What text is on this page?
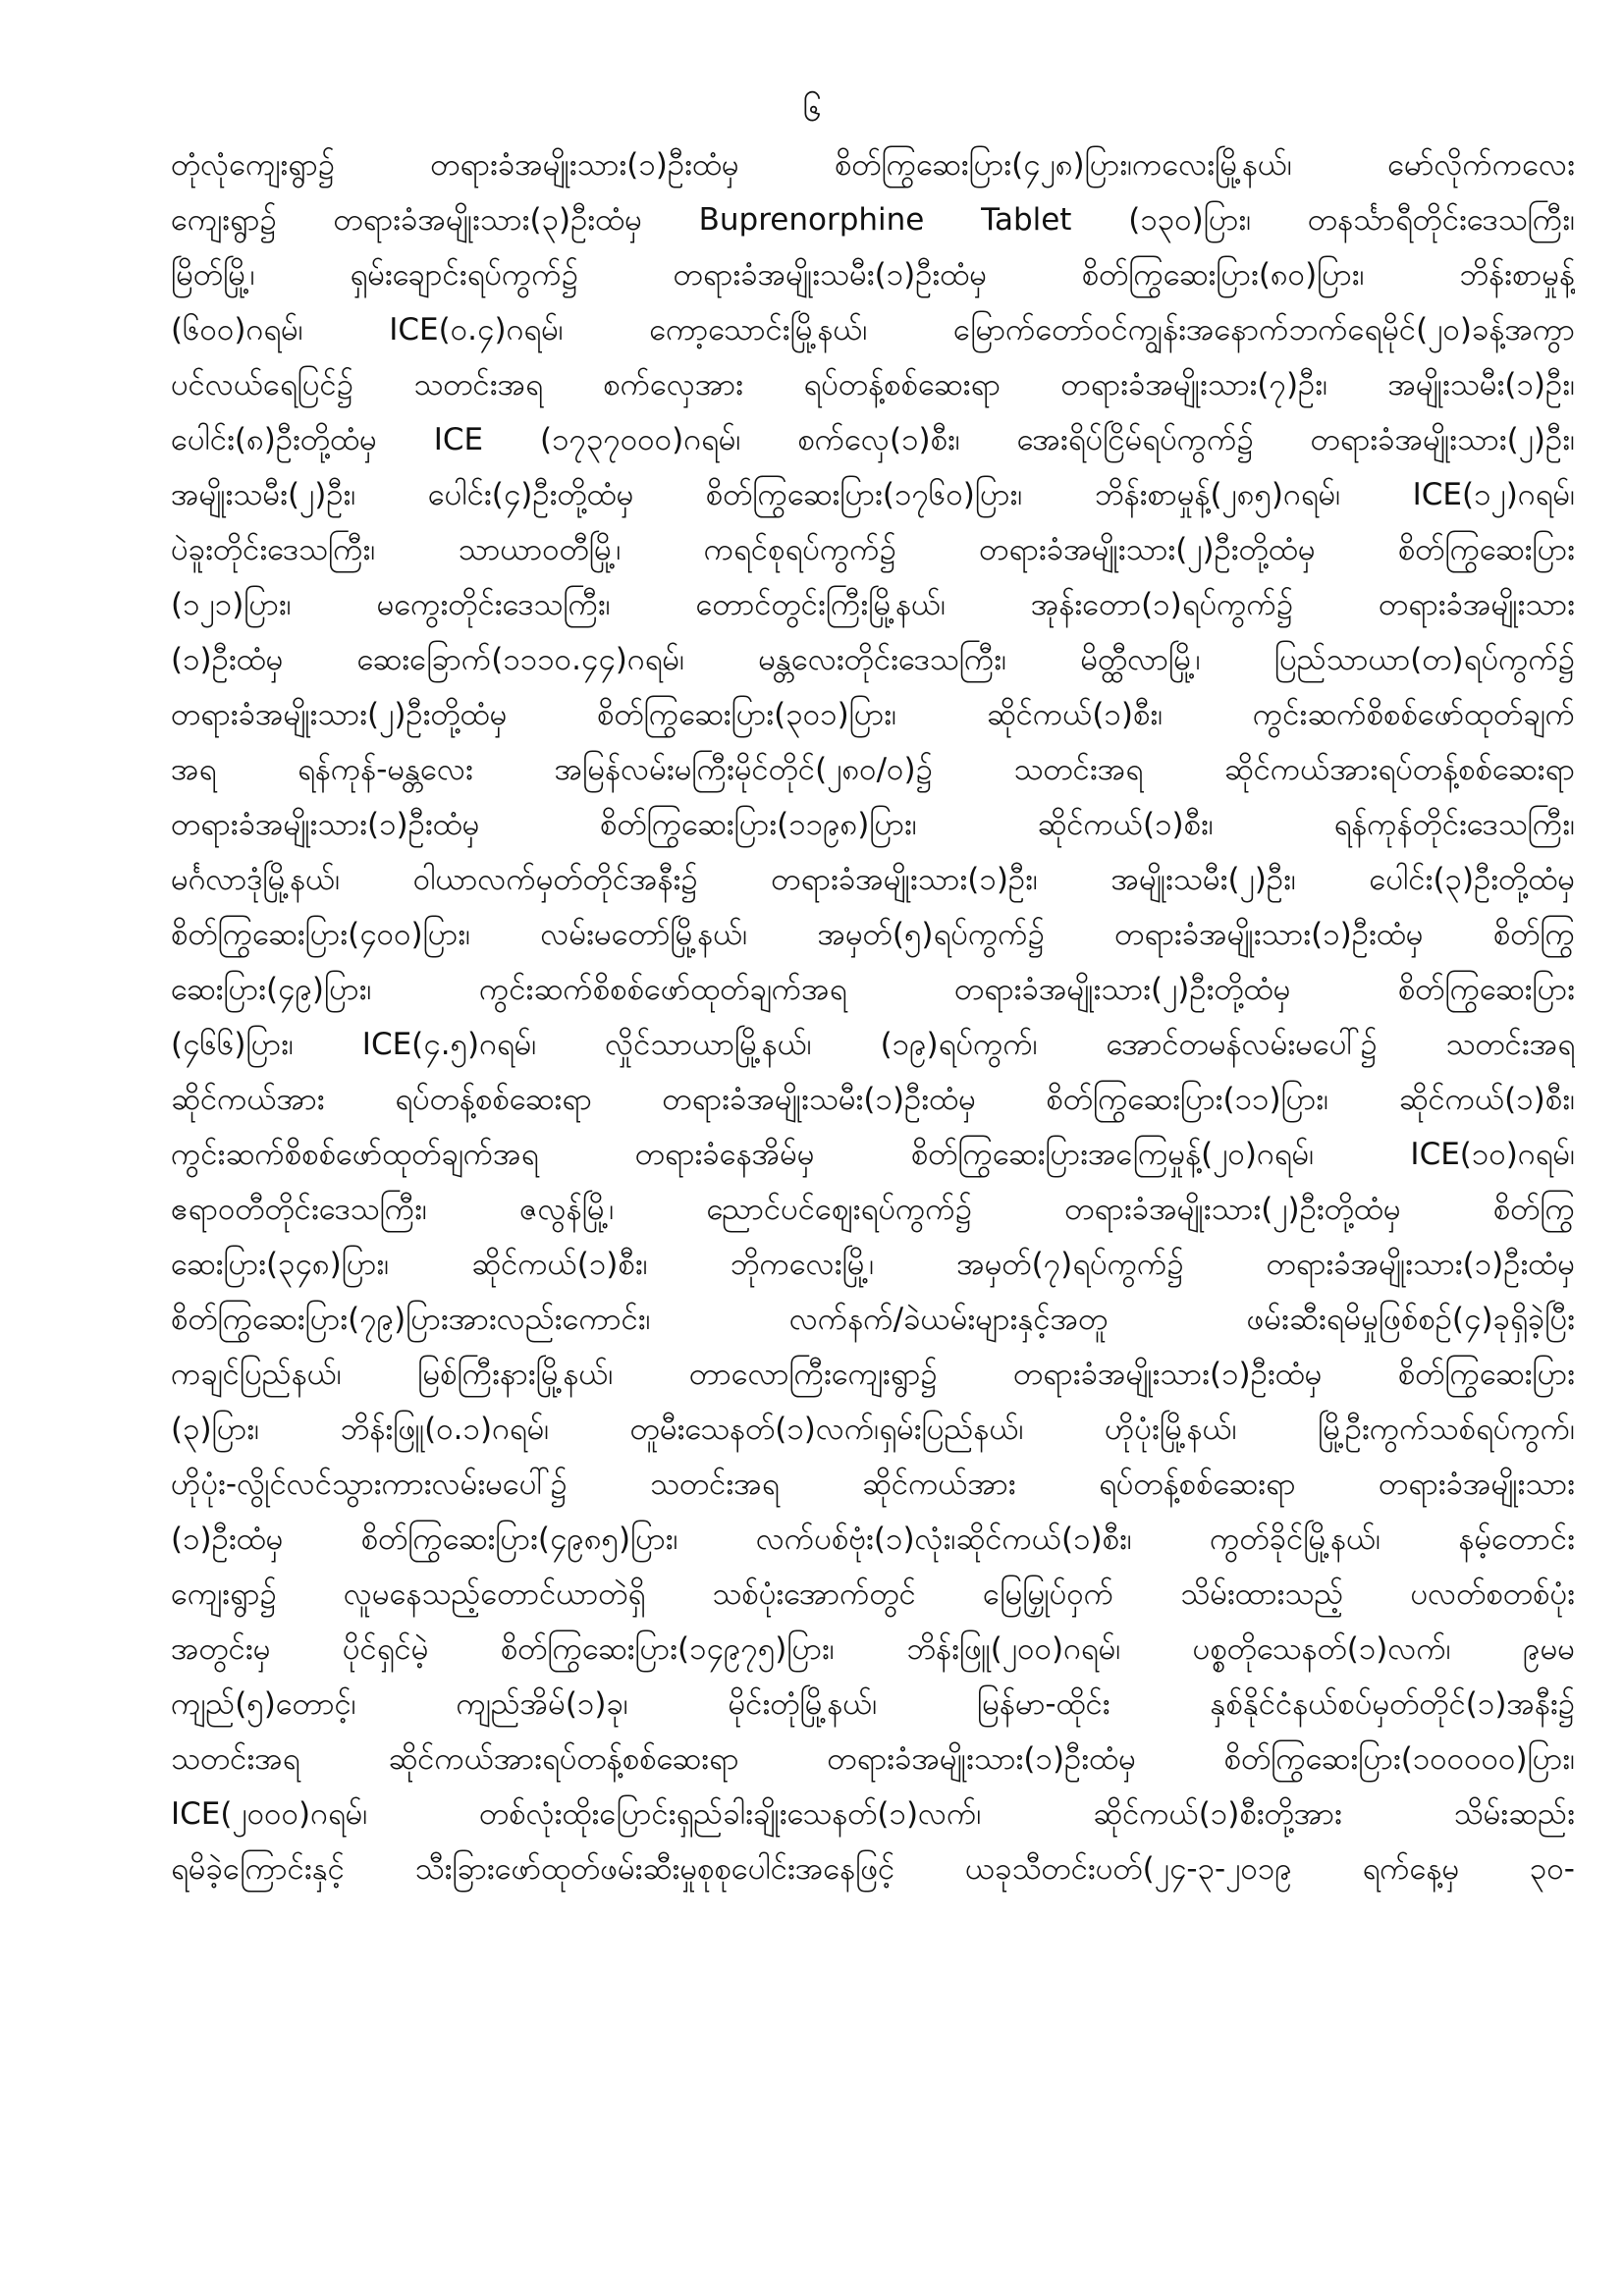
၆
တုံလုံကျေးရွာ၌ တရားခံအမျိုးသား(၁)ဦးထံမှ စိတ်ကြွဆေးပြား(၄၂၈)ပြား၊ကလေးမြို့နယ်၊ မော်လိုက်ကလေး
ကျေးရွာ၌ တရားခံအမျိုးသား(၃)ဦးထံမှ Buprenorphine Tablet (၁၃၀)ပြား၊ တနင်္သာရီတိုင်းဒေသကြီး၊
မြိတ်မြို့၊ ရှမ်းချောင်းရပ်ကွက်၌ တရားခံအမျိုးသမီး(၁)ဦးထံမှ စိတ်ကြွဆေးပြား(၈၀)ပြား၊ ဘိန်းစာမှုန့်
(၆၀၀)ဂရမ်၊ ICE(၀.၄)ဂရမ်၊ ကော့သောင်းမြို့နယ်၊ မြောက်တော်ဝင်ကျွန်းအနောက်ဘက်ရေမိုင်(၂၀)ခန့်အကွာ
ပင်လယ်ရေပြင်၌ သတင်းအရ စက်လှေအား ရပ်တန့်စစ်ဆေးရာ တရားခံအမျိုးသား(၇)ဦး၊ အမျိုးသမီး(၁)ဦး၊
ပေါင်း(၈)ဦးတို့ထံမှ ICE (၁၇၃၇၀၀၀)ဂရမ်၊ စက်လှေ(၁)စီး၊ အေးရိပ်ငြိမ်ရပ်ကွက်၌ တရားခံအမျိုးသား(၂)ဦး၊
အမျိုးသမီး(၂)ဦး၊ ပေါင်း(၄)ဦးတို့ထံမှ စိတ်ကြွဆေးပြား(၁၇၆၀)ပြား၊ ဘိန်းစာမှုန့်(၂၈၅)ဂရမ်၊ ICE(၁၂)ဂရမ်၊
ပဲခူးတိုင်းဒေသကြီး၊ သာယာဝတီမြို့၊ ကရင်စုရပ်ကွက်၌ တရားခံအမျိုးသား(၂)ဦးတို့ထံမှ စိတ်ကြွဆေးပြား
(၁၂၁)ပြား၊ မကွေးတိုင်းဒေသကြီး၊ တောင်တွင်းကြီးမြို့နယ်၊ အုန်းတော(၁)ရပ်ကွက်၌ တရားခံအမျိုးသား
(၁)ဦးထံမှ ဆေးခြောက်(၁၁၁၀.၄၄)ဂရမ်၊ မန္တလေးတိုင်းဒေသကြီး၊ မိတ္ထီလာမြို့၊ ပြည်သာယာ(တ)ရပ်ကွက်၌
တရားခံအမျိုးသား(၂)ဦးတို့ထံမှ စိတ်ကြွဆေးပြား(၃၀၁)ပြား၊ ဆိုင်ကယ်(၁)စီး၊ ကွင်းဆက်စိစစ်ဖော်ထုတ်ချက်
အရ ရန်ကုန်-မန္တလေး အမြန်လမ်းမကြီးမိုင်တိုင်(၂၈၀/၀)၌ သတင်းအရ ဆိုင်ကယ်အားရပ်တန့်စစ်ဆေးရာ
တရားခံအမျိုးသား(၁)ဦးထံမှ စိတ်ကြွဆေးပြား(၁၁၉၈)ပြား၊ ဆိုင်ကယ်(၁)စီး၊ ရန်ကုန်တိုင်းဒေသကြီး၊
မင်္ဂလာဒုံမြို့နယ်၊ ဝါယာလက်မှတ်တိုင်အနီး၌ တရားခံအမျိုးသား(၁)ဦး၊ အမျိုးသမီး(၂)ဦး၊ ပေါင်း(၃)ဦးတို့ထံမှ
စိတ်ကြွဆေးပြား(၄၀၀)ပြား၊ လမ်းမတော်မြို့နယ်၊ အမှတ်(၅)ရပ်ကွက်၌ တရားခံအမျိုးသား(၁)ဦးထံမှ စိတ်ကြွ
ဆေးပြား(၄၉)ပြား၊ ကွင်းဆက်စိစစ်ဖော်ထုတ်ချက်အရ တရားခံအမျိုးသား(၂)ဦးတို့ထံမှ စိတ်ကြွဆေးပြား
(၄၆၆)ပြား၊ ICE(၄.၅)ဂရမ်၊ လှိုင်သာယာမြို့နယ်၊ (၁၉)ရပ်ကွက်၊ အောင်တမန်လမ်းမပေါ်၌ သတင်းအရ
ဆိုင်ကယ်အား ရပ်တန့်စစ်ဆေးရာ တရားခံအမျိုးသမီး(၁)ဦးထံမှ စိတ်ကြွဆေးပြား(၁၁)ပြား၊ ဆိုင်ကယ်(၁)စီး၊
ကွင်းဆက်စိစစ်ဖော်ထုတ်ချက်အရ တရားခံနေအိမ်မှ စိတ်ကြွဆေးပြားအကြေမှုန့်(၂၀)ဂရမ်၊ ICE(၁၀)ဂရမ်၊
ဧရာဝတီတိုင်းဒေသကြီး၊ ဇလွန်မြို့၊ ညောင်ပင်ဈေးရပ်ကွက်၌ တရားခံအမျိုးသား(၂)ဦးတို့ထံမှ စိတ်ကြွ
ဆေးပြား(၃၄၈)ပြား၊ ဆိုင်ကယ်(၁)စီး၊ ဘိုကလေးမြို့၊ အမှတ်(၇)ရပ်ကွက်၌ တရားခံအမျိုးသား(၁)ဦးထံမှ
စိတ်ကြွဆေးပြား(၇၉)ပြားအားလည်းကောင်း၊ လက်နက်/ခဲယမ်းများနှင့်အတူ ဖမ်းဆီးရမိမှုဖြစ်စဉ်(၄)ခုရှိခဲ့ပြီး
ကချင်ပြည်နယ်၊ မြစ်ကြီးနားမြို့နယ်၊ တာလောကြီးကျေးရွာ၌ တရားခံအမျိုးသား(၁)ဦးထံမှ စိတ်ကြွဆေးပြား
(၃)ပြား၊ ဘိန်းဖြူ(၀.၁)ဂရမ်၊ တူမီးသေနတ်(၁)လက်၊ရှမ်းပြည်နယ်၊ ဟိုပုံးမြို့နယ်၊ မြို့ဦးကွက်သစ်ရပ်ကွက်၊
ဟိုပုံး-လွိုင်လင်သွားကားလမ်းမပေါ်၌ သတင်းအရ ဆိုင်ကယ်အား ရပ်တန့်စစ်ဆေးရာ တရားခံအမျိုးသား
(၁)ဦးထံမှ စိတ်ကြွဆေးပြား(၄၉၈၅)ပြား၊ လက်ပစ်ဗုံး(၁)လုံး၊ဆိုင်ကယ်(၁)စီး၊ ကွတ်ခိုင်မြို့နယ်၊ နမ့်တောင်း
ကျေးရွာ၌ လူမနေသည့်တောင်ယာတဲရှိ သစ်ပုံးအောက်တွင် မြေမြှုပ်ဝှက် သိမ်းထားသည့် ပလတ်စတစ်ပုံး
အတွင်းမှ ပိုင်ရှင်မဲ့ စိတ်ကြွဆေးပြား(၁၄၉၇၅)ပြား၊ ဘိန်းဖြူ(၂၀၀)ဂရမ်၊ ပစ္စတိုသေနတ်(၁)လက်၊ ၉မမ
ကျည်(၅)တောင့်၊ ကျည်အိမ်(၁)ခု၊ မိုင်းတုံမြို့နယ်၊ မြန်မာ-ထိုင်း နှစ်နိုင်ငံနယ်စပ်မှတ်တိုင်(၁)အနီး၌
သတင်းအရ ဆိုင်ကယ်အားရပ်တန့်စစ်ဆေးရာ တရားခံအမျိုးသား(၁)ဦးထံမှ စိတ်ကြွဆေးပြား(၁၀၀၀၀၀)ပြား၊
ICE(၂၀၀၀)ဂရမ်၊ တစ်လုံးထိုးပြောင်းရှည်ခါးချိုးသေနတ်(၁)လက်၊ ဆိုင်ကယ်(၁)စီးတို့အား သိမ်းဆည်း
ရမိခဲ့ကြောင်းနှင့် သီးခြားဖော်ထုတ်ဖမ်းဆီးမှုစုစုပေါင်းအနေဖြင့် ယခုသီတင်းပတ်(၂၄-၃-၂၀၁၉ ရက်နေ့မှ ၃၀-
